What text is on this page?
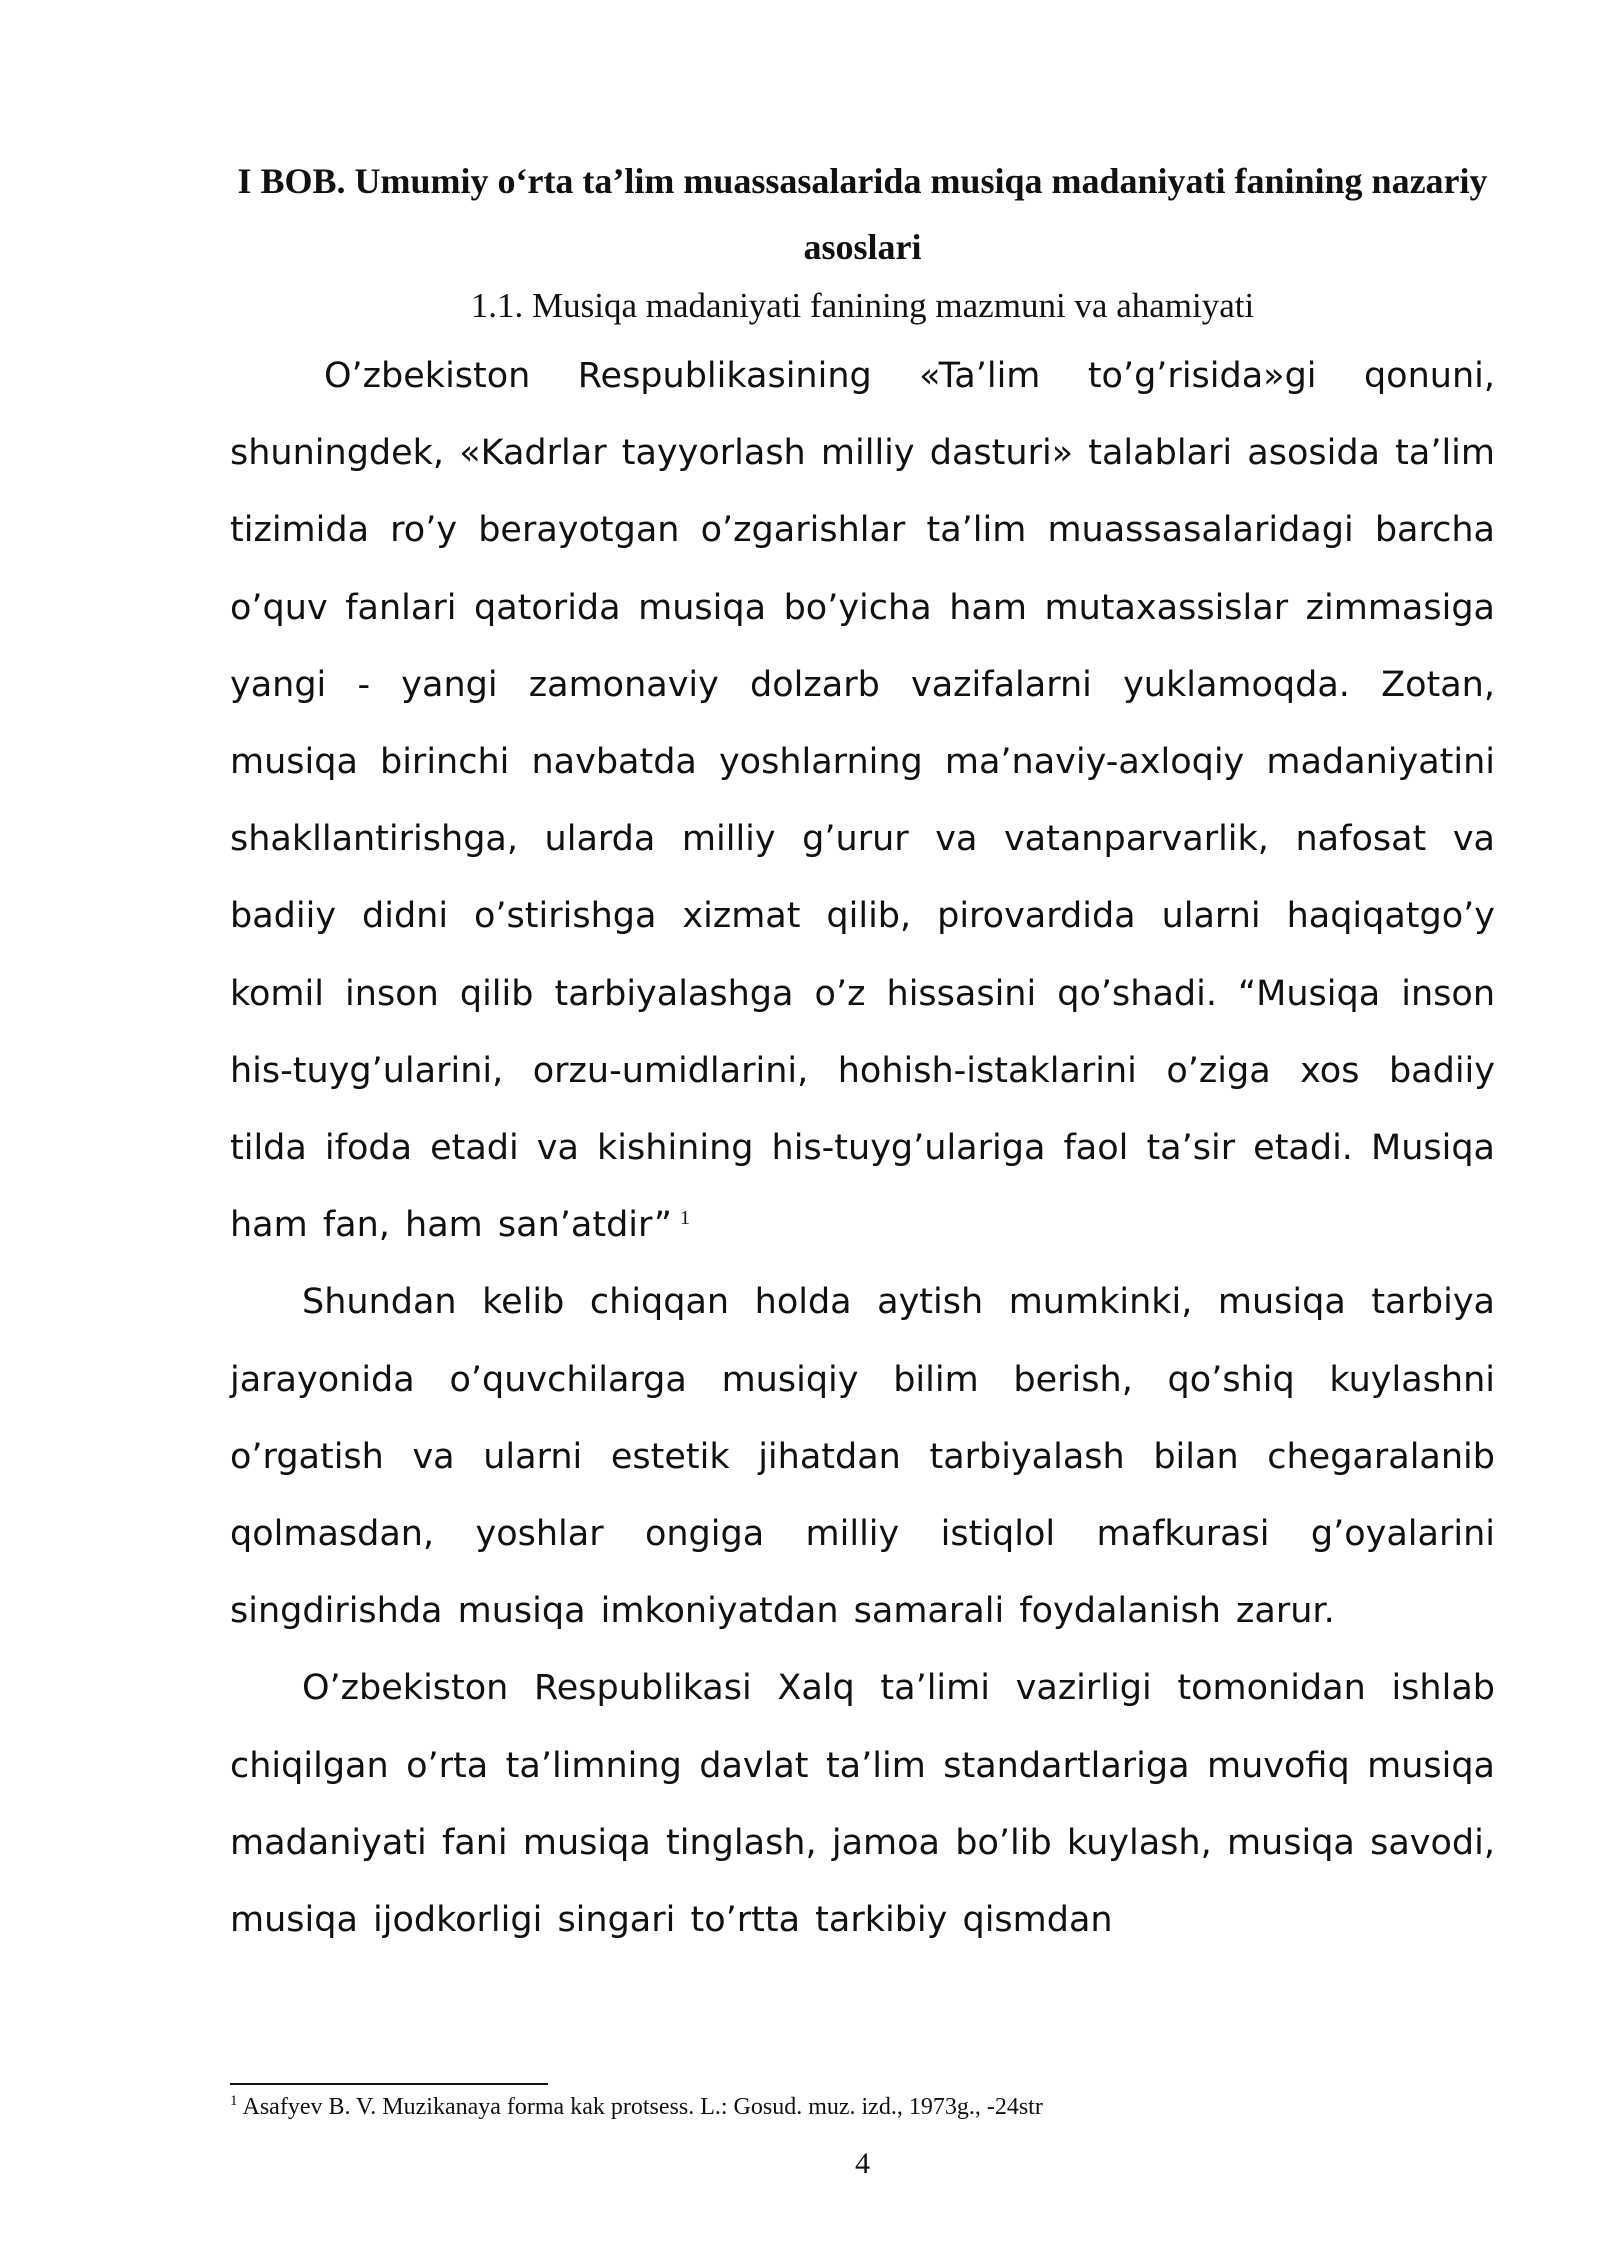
I BOB. Umumiy o‘rta ta’lim muassasalarida musiqa madaniyati fanining nazariy asoslari
1.1. Musiqa madaniyati fanining mazmuni va ahamiyati

O’zbekiston Respublikasining «Ta’lim to’g’risida»gi qonuni, shuningdek, «Kadrlar tayyorlash milliy dasturi» talablari asosida ta’lim tizimida ro’y berayotgan o’zgarishlar ta’lim muassasalaridagi barcha o’quv fanlari qatorida musiqa bo’yicha ham mutaxassislar zimmasiga yangi - yangi zamonaviy dolzarb vazifalarni yuklamoqda. Zotan, musiqa birinchi navbatda yoshlarning ma’naviy-axloqiy madaniyatini shakllantirishga, ularda milliy g’urur va vatanparvarlik, nafosat va badiiy didni o’stirishga xizmat qilib, pirovardida ularni haqiqatgo’y komil inson qilib tarbiyalashga o’z hissasini qo’shadi. “Musiqa inson his-tuyg’ularini, orzu-umidlarini, hohish-istaklarini o’ziga xos badiiy tilda ifoda etadi va kishining his-tuyg’ulariga faol ta’sir etadi. Musiqa ham fan, ham san’atdir” $^1$

Shundan kelib chiqqan holda aytish mumkinki, musiqa tarbiya jarayonida o’quvchilarga musiqiy bilim berish, qo’shiq kuylashni o’rgatish va ularni estetik jihatdan tarbiyalash bilan chegaralanib qolmasdan, yoshlar ongiga milliy istiqlol mafkurasi g’oyalarini singdirishda musiqa imkoniyatdan samarali foydalanish zarur.

O’zbekiston Respublikasi Xalq ta’limi vazirligi tomonidan ishlab chiqilgan o’rta ta’limning davlat ta’lim standartlariga muvofiq musiqa madaniyati fani musiqa tinglash, jamoa bo’lib kuylash, musiqa savodi, musiqa ijodkorligi singari to’rtta tarkibiy qismdan

$^1$ Asafyev B. V. Muzikanaya forma kak protsess. L.: Gosud. muz. izd., 1973g., -24str

4
